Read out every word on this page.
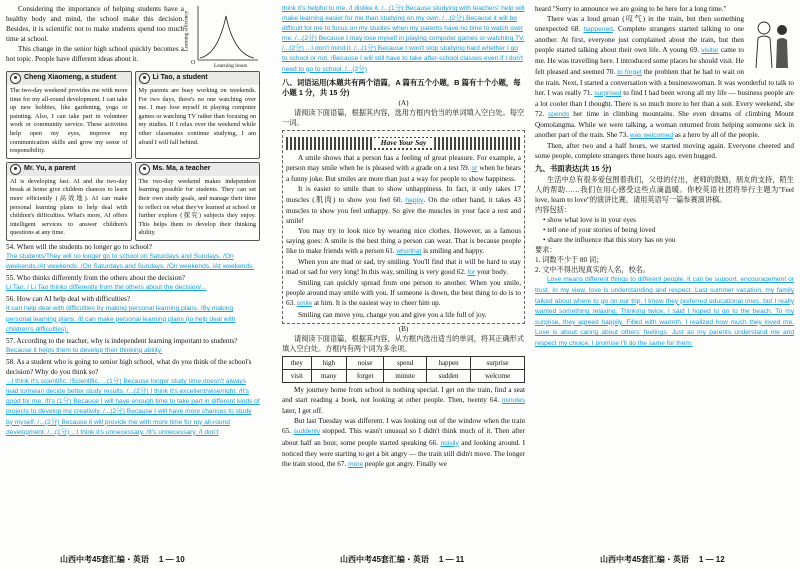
Considering the importance of helping students have a healthy body and mind, the school make this decision. Besides, it is scientific not to make students spend too much time at school.

This change in the senior high school quickly becomes a hot topic. People have different ideas about it.	O	Learning hours
Learning efficiency
Cheng Xiaomeng, a student
The two-day weekend provides me with more time for my all-round development. I can take up new hobbies, like gardening, yoga or painting. Also, I can take part in volunteer work or community service. These activities help open my eyes, improve my communication skills and grow my sense of responsibility.
Li Tao, a student
My parents are busy working on weekends. For two days, there's no one watching over me. I may lose myself in playing computer games or watching TV rather than focusing on my studies. If I relax over the weekend while other classmates continue studying, I am afraid I will fall behind.
Mr. Yu, a parent
AI is developing fast. AI and the two-day break at home give children chances to learn more efficiently (高效地). AI can make personal learning plans to help deal with children's difficulties. What's more, AI offers intelligent services to answer children's questions at any time.
Ms. Ma, a teacher
The two-day weekend makes independent learning possible for students. They can set their own study goals, and manage their time to reflect on what they've learned at school or further explore (探究) subjects they enjoy. This helps them to develop their thinking ability.

54. When will the students no longer go to school?

The students/They will no longer go to school on Saturdays and Sundays. /On weekends./At weekends. /On Saturdays and Sundays. /On weekends. /At weekends.

55. Who thinks differently from the others about the decision?

Li Tao. / Li Tao thinks differently from the others about the decision/...

56. How can AI help deal with difficulties?

It can help deal with difficulties by making personal learning plans. /By making personal learning plans. /It can make personal learning plans (to help deal with children's difficulties).

57. According to the teacher, why is independent learning important to students?

Because it helps them to develop their thinking ability.

58. As a student who is going to senior high school, what do you think of the school's decision? Why do you think so?

...I think it's scientific. /Scientific. ...(1分) Because longer study time doesn't always lead to/mean decide better study results. /...(2分) I think it's excellent/wise/right. /It's good for me. /It's (1分) Because I will have enough time to take part in different kinds of projects to develop my creativity. /...(2分) Because I will have more chances to study by myself. /...(2分) Because it will provide me with more time for my all-round development. /...(1分) ...I think it's unnecessary. /It's unnecessary. /I don't

山西中考45套汇编・英语 1 — 10

think it's helpful to me. /I dislike it. /...(1分) Because studying with teachers' help will make learning easier for me than studying on my own. /...(2分) Because it will be difficult for me to focus on my studies when my parents have no time to watch over me. /...(2分) Because I may lose myself in playing computer games or watching TV. /...(2分) ...I don't mind it. /...(1分) Because I won't stop studying hard whether I go to school or not. /Because I will still have to take after-school classes even if I don't need to go to school. /...(2分)

八、词语运用(本题共有两个语篇，A 篇有五个小题，B 篇有十个小题，每小题 1 分，共 15 分)

(A)

请阅读下面语篇，根据其内容，选用方框内恰当的单词填入空白处。每空一词。

Have Your Say

A smile shows that a person has a feeling of great pleasure. For example, a person may smile when he is pleased with a grade on a test 59. or when he hears a funny joke. But smiles are more than just a way for people to show happiness.

It is easier to smile than to show unhappiness. In fact, it only takes 17 muscles (肌肉) to show you feel 60. happy. On the other hand, it takes 43 muscles to show you feel unhappy. So give the muscles in your face a rest and smile!

You may try to look nice by wearing nice clothes. However, as a famous saying goes: A smile is the best thing a person can wear. That is because people like to make friends with a person 61. who/that is smiling and happy.

When you are mad or sad, try smiling. You'll find that it will be hard to stay mad or sad for very long! In this way, smiling is very good 62. for your body.

Smiling can quickly spread from one person to another. When you smile, people around may smile with you. If someone is down, the best thing to do is to 63. smile at him. It is the easiest way to cheer him up.

Smiling can move you, change you and give you a life full of joy.

(B)

请阅读下面语篇，根据其内容，从方框内选出适当的单词，将其正确形式填入空白处。方框内有两个词为多余项。

they	high	noise	spend	happen	surprise
visit	many	forget	minute	sudden	welcome

My journey home from school is nothing special. I get on the train, find a seat and start reading a book, not looking at other people. Then, twenty 64. minutes later, I get off.

But last Tuesday was different. I was looking out of the window when the train 65. suddenly stopped. This wasn't unusual so I didn't think much of it. Then after about half an hour, some people started speaking 66. noisily and looking around. I noticed they were starting to get a bit angry — the train still didn't move. The longer the train stood, the 67. more people got angry. Finally we

山西中考45套汇编・英语 1 — 11

heard "Sorry to announce we are going to be here for a long time."

There was a loud groan (叹气) in the train, but then something unexpected 68. happened. Complete strangers started talking to one another. At first, everyone just complained about the train, but then people started talking about their own life. A young 69. visitor came to me. He was travelling here. I introduced some places he should visit. He felt pleased and seemed 70. to forget the problem that he had to wait on the train. Next, I started a conversation with a businesswoman. It was wonderful to talk to her. I was really 71. surprised to find I had been wrong all my life — business people are a lot cooler than I thought. There is so much more to her than a suit. Every weekend, she 72. spends her time in climbing mountains. She even dreams of climbing Mount Qomolangma. While we were talking, a woman returned from helping someone sick in another part of the train. She 73. was welcomed as a hero by all of the people.

Then, after two and a half hours, we started moving again. Everyone cheered and some people, complete strangers three hours ago, even hugged.

九、书面表达(共 15 分)

生活中总有很多爱包围着我们，父母的付出，老师的鼓励，朋友的支持，陌生人的帮助……我们在用心感受这些点滴温暖。你校英语社团将举行主题为"Feel love, learn to love"的演讲比赛，请用英语写一篇参赛演讲稿。

内容包括：

• show what love is in your eyes

• tell one of your stories of being loved

• share the influence that this story has on you

要求：

1. 词数不少于 80 词；

2. 文中不得出现真实的人名，校名。

Love means different things to different people. It can be support, encouragement or trust. In my view, love is understanding and respect. Last summer vacation, my family talked about where to go on our trip. I knew they preferred educational ones, but I really wanted something relaxing. Thinking twice, I said I hoped to go to the beach. To my surprise, they agreed happily. Filled with warmth, I realized how much they loved me. Love is about caring about others' feelings. Just as my parents understand me and respect my choice, I promise I'll do the same for them.

山西中考45套汇编・英语 1 — 12
